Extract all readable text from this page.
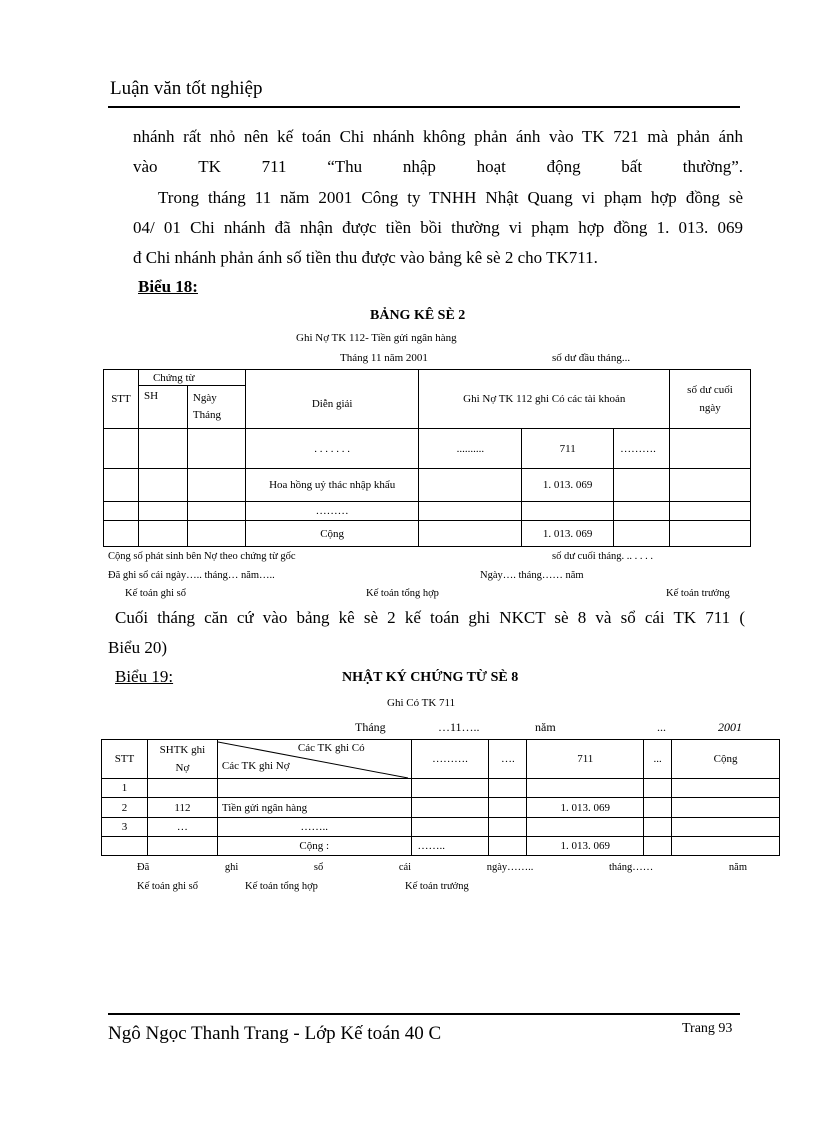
Luận văn tốt nghiệp
nhánh rất nhỏ nên kế toán Chi nhánh không phản ánh vào TK 721 mà phản ánh
vào TK 711 “Thu nhập hoạt động bất thường”.
Trong tháng 11 năm 2001 Công ty TNHH Nhật Quang vi phạm hợp đồng sè
04/ 01 Chi nhánh đã nhận được tiền bồi thường vi phạm hợp đồng 1. 013. 069
đ Chi nhánh phản ánh số tiền thu được vào bảng kê sè 2 cho TK711.
Biểu 18:
BẢNG KÊ SÈ 2
Ghi Nợ TK 112- Tiền gửi ngân hàng
Tháng 11 năm 2001	số dư đầu tháng...
STT	Chứng từ		Diễn giải	Ghi Nợ TK 112 ghi Có các tài khoản			số dư cuối ngày
	SH	Ngày Tháng					
			. . . . . . .	..........	711	……….	
			Hoa hồng uỷ thác nhập khẩu		1. 013. 069		
			………				
			Cộng		1. 013. 069		
Cộng số phát sinh bên Nợ theo chứng từ gốc	số dư cuối tháng. .. . . . .
Đã ghi sổ cái ngày….. tháng… năm…..	Ngày…. tháng…… năm
Kế toán ghi sổ	Kế toán tổng hợp	Kế toán trưởng
Cuối tháng căn cứ vào bảng kê sè 2 kế toán ghi NKCT sè 8 và sổ cái TK 711 (
Biểu 20)
Biểu 19:	NHẬT KÝ CHỨNG TỪ SÈ 8
Ghi Có TK 711
Tháng	…11…..	năm	...	2001
STT	SHTK ghi Nợ	Các TK ghi Có
Các TK ghi Nợ	……….	….	711	...	Cộng
1							
2	112	Tiền gửi ngân hàng			1. 013. 069		
3	…	……..					
		Cộng :	……..		1. 013. 069		
Đã	ghi	sổ	cái	ngày……..	tháng……	năm
Kế toán ghi sổ	Kế toán tổng hợp	Kế toán trưởng
Ngô Ngọc Thanh Trang - Lớp Kế toán 40 C	Trang 93
